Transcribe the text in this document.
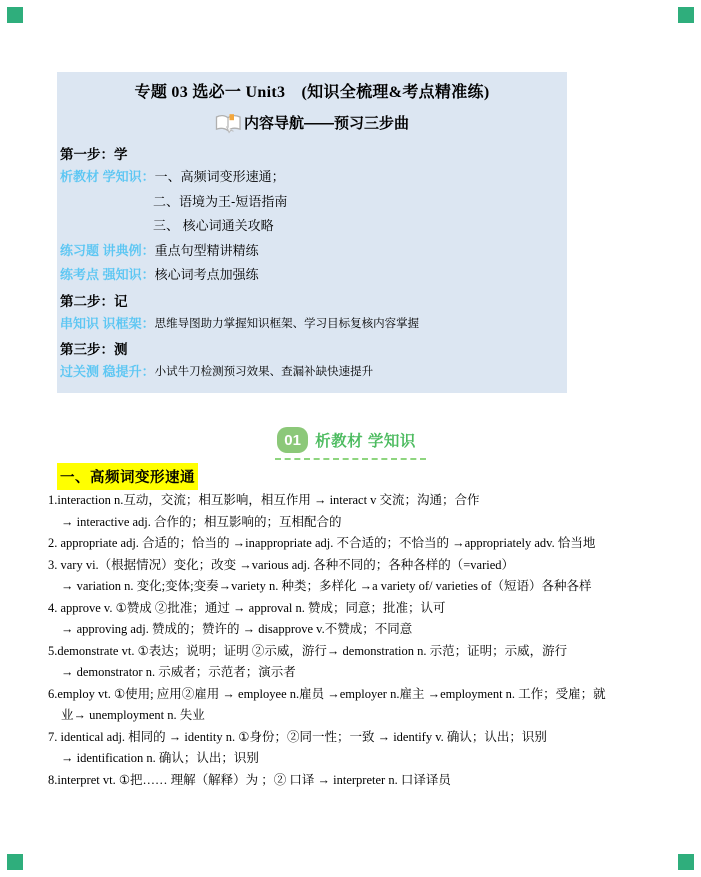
专题 03 选必一 Unit3　(知识全梳理&考点精准练)
内容导航——预习三步曲
第一步：学
析教材 学知识： 一、高频词变形速通；
二、语境为王-短语指南
三、 核心词通关攻略
练习题 讲典例： 重点句型精讲精练
练考点 强知识： 核心词考点加强练
第二步：记
串知识 识框架： 思维导图助力掌握知识框架、学习目标复核内容掌握
第三步：测
过关测 稳提升： 小试牛刀检测预习效果、查漏补缺快速提升
01 析教材 学知识
一、高频词变形速通
1.interaction n.互动，交流；相互影响，相互作用 → interact v 交流；沟通；合作
→ interactive adj. 合作的；相互影响的；互相配合的
2. appropriate adj. 合适的；恰当的 →inappropriate adj. 不合适的；不恰当的 →appropriately adv. 恰当地
3. vary vi.（根据情况）变化；改变 →various adj. 各种不同的；各种各样的（=varied）
→ variation n. 变化;变体;变奏→variety n. 种类；多样化 →a variety of/ varieties of（短语）各种各样
4. approve v. ①赞成 ②批准；通过 → approval n. 赞成；同意；批准；认可
→ approving adj. 赞成的；赞许的 → disapprove v.不赞成；不同意
5.demonstrate vt. ①表达；说明；证明 ②示威，游行→ demonstration n. 示范；证明；示威，游行
→ demonstrator n. 示威者；示范者；演示者
6.employ vt. ①使用; 应用②雇用 → employee n.雇员 →employer n.雇主 →employment n. 工作；受雇；就
业→ unemployment n. 失业
7. identical adj. 相同的 → identity n. ①身份；②同一性；一致 → identify v. 确认；认出；识别
→ identification n. 确认；认出；识别
8.interpret vt. ①把…… 理解（解释）为 ；② 口译 → interpreter n. 口译译员
